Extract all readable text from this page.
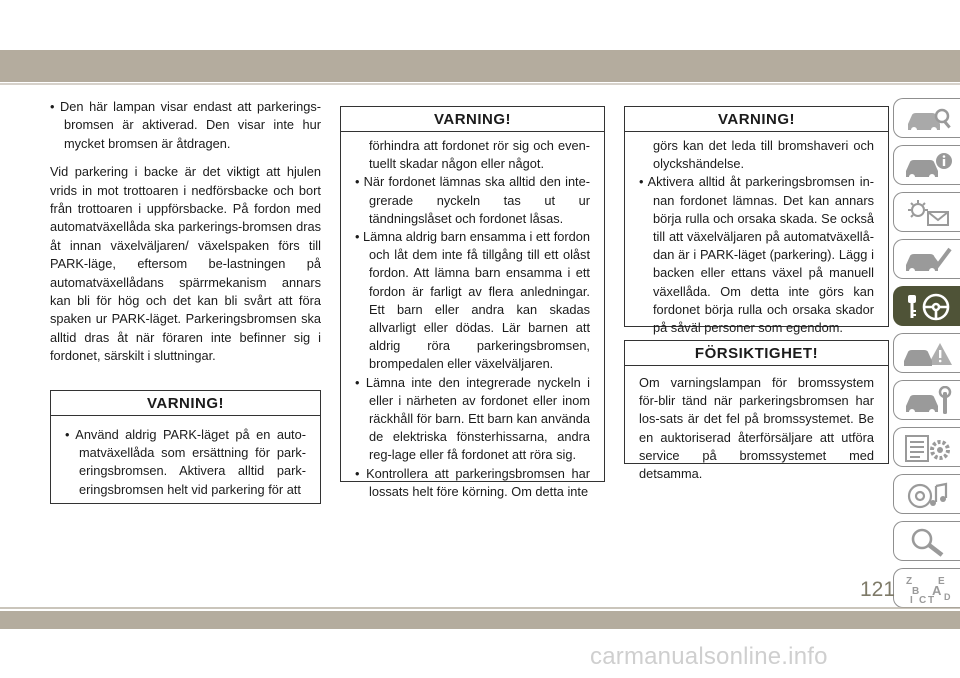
• Den här lampan visar endast att parkerings-bromsen är aktiverad. Den visar inte hur mycket bromsen är åtdragen.

Vid parkering i backe är det viktigt att hjulen vrids in mot trottoaren i nedförsbacke och bort från trottoaren i uppförsbacke. På fordon med automatväxellåda ska parkerings-bromsen dras åt innan växelväljaren/ växelspaken förs till PARK-läge, eftersom be-lastningen på automatväxellådans spärrmekanism annars kan bli för hög och det kan bli svårt att föra spaken ur PARK-läget. Parkeringsbromsen ska alltid dras åt när föraren inte befinner sig i fordonet, särskilt i sluttningar.

VARNING!

• Använd aldrig PARK-läget på en auto-matväxellåda som ersättning för park-eringsbromsen. Aktivera alltid park-eringsbromsen helt vid parkering för att

VARNING!

förhindra att fordonet rör sig och even-tuellt skadar någon eller något.

• När fordonet lämnas ska alltid den inte-grerade nyckeln tas ut ur tändningslåset och fordonet låsas.

• Lämna aldrig barn ensamma i ett fordon och låt dem inte få tillgång till ett olåst fordon. Att lämna barn ensamma i ett fordon är farligt av flera anledningar. Ett barn eller andra kan skadas allvarligt eller dödas. Lär barnen att aldrig röra parkeringsbromsen, brompedalen eller växelväljaren.

• Lämna inte den integrerade nyckeln i eller i närheten av fordonet eller inom räckhåll för barn. Ett barn kan använda de elektriska fönsterhissarna, andra reg-lage eller få fordonet att röra sig.

• Kontrollera att parkeringsbromsen har lossats helt före körning. Om detta inte

VARNING!

görs kan det leda till bromshaveri och olyckshändelse.

• Aktivera alltid åt parkeringsbromsen in-nan fordonet lämnas. Det kan annars börja rulla och orsaka skada. Se också till att växelväljaren på automatväxellå-dan är i PARK-läget (parkering). Lägg i backen eller ettans växel på manuell växellåda. Om detta inte görs kan fordonet börja rulla och orsaka skador på såväl personer som egendom.

FÖRSIKTIGHET!

Om varningslampan för bromssystem för-blir tänd när parkeringsbromsen har los-sats är det fel på bromssystemet. Be en auktoriserad återförsäljare att utföra service på bromssystemet med detsamma.

Z	E
B A
I C T D
121
carmanualsonline.info
